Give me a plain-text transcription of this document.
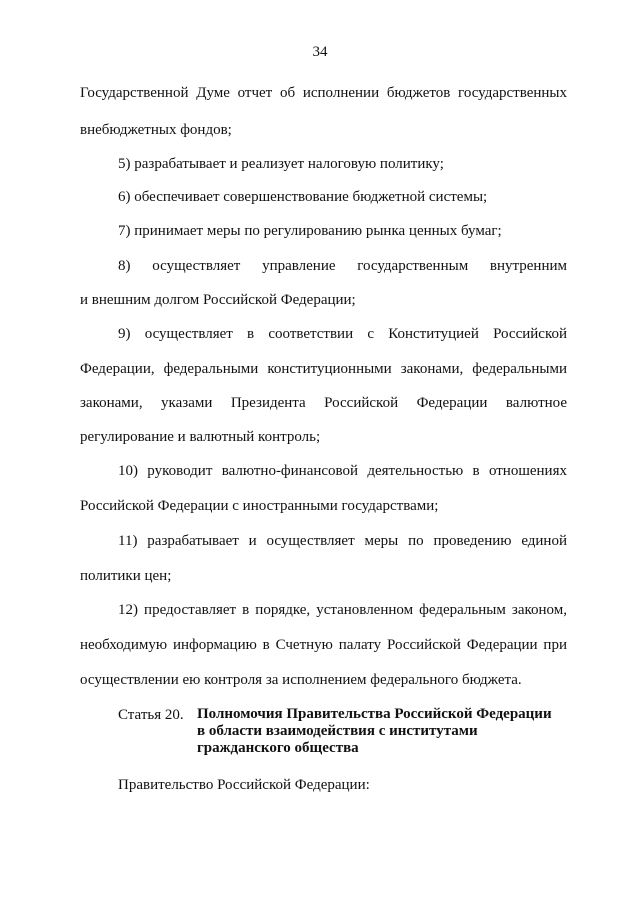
34
Государственной Думе отчет об исполнении бюджетов государственных
внебюджетных фондов;
5) разрабатывает и реализует налоговую политику;
6) обеспечивает совершенствование бюджетной системы;
7) принимает меры по регулированию рынка ценных бумаг;
8) осуществляет управление государственным внутренним
и внешним долгом Российской Федерации;
9) осуществляет в соответствии с Конституцией Российской
Федерации, федеральными конституционными законами, федеральными
законами, указами Президента Российской Федерации валютное
регулирование и валютный контроль;
10) руководит валютно-финансовой деятельностью в отношениях
Российской Федерации с иностранными государствами;
11) разрабатывает и осуществляет меры по проведению единой
политики цен;
12) предоставляет в порядке, установленном федеральным законом,
необходимую информацию в Счетную палату Российской Федерации при
осуществлении ею контроля за исполнением федерального бюджета.
Статья 20. Полномочия Правительства Российской Федерации
в области взаимодействия с институтами
гражданского общества
Правительство Российской Федерации:
